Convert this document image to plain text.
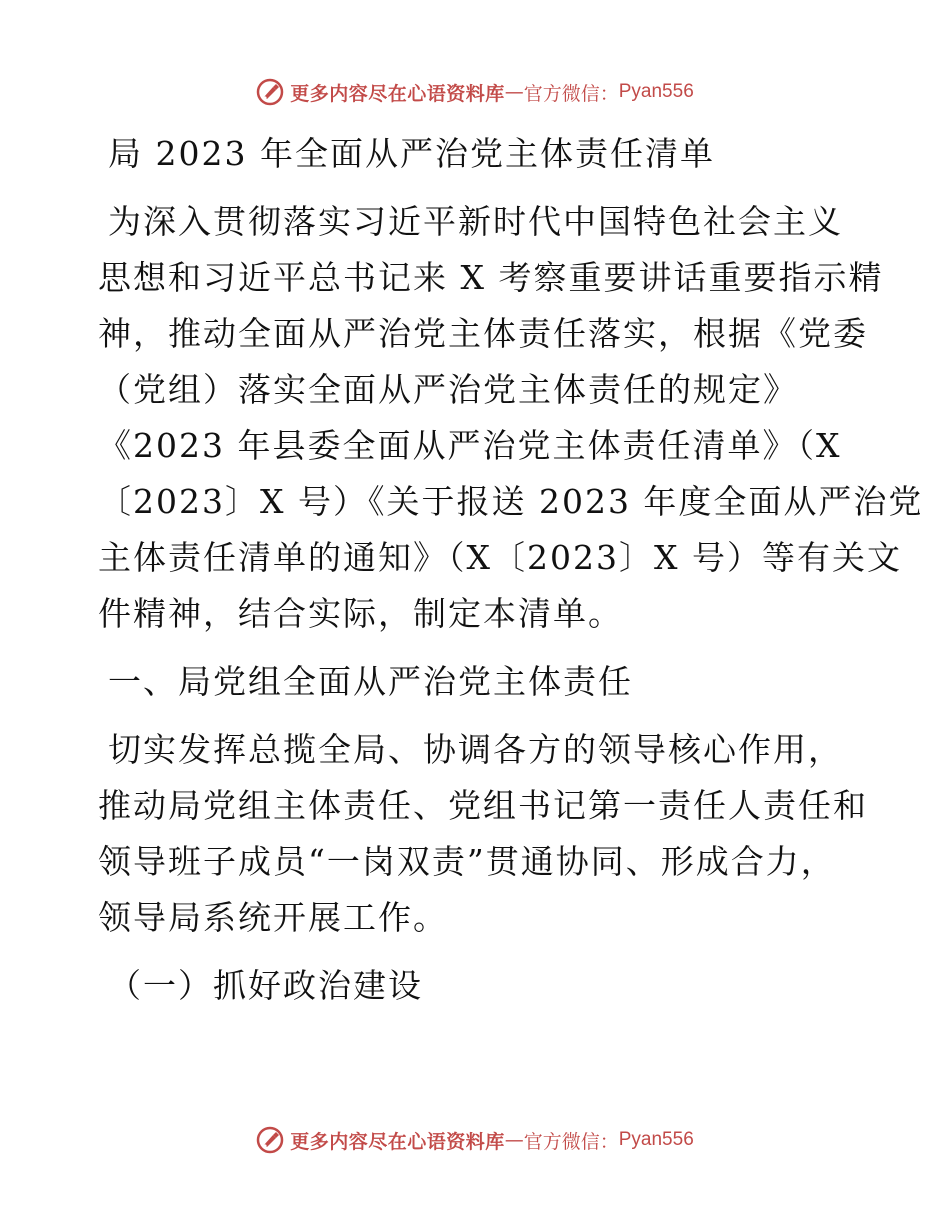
更多内容尽在心语资料库 — 官方微信： Pyan556
局 2023 年全面从严治党主体责任清单
为深入贯彻落实习近平新时代中国特色社会主义
思想和习近平总书记来 X 考察重要讲话重要指示精
神，推动全面从严治党主体责任落实，根据《党委
（党组）落实全面从严治党主体责任的规定》
《2023 年县委全面从严治党主体责任清单》（X
〔2023〕X 号）《关于报送 2023 年度全面从严治党
主体责任清单的通知》（X〔2023〕X 号）等有关文
件精神，结合实际，制定本清单。
一、局党组全面从严治党主体责任
切实发挥总揽全局、协调各方的领导核心作用，
推动局党组主体责任、党组书记第一责任人责任和
领导班子成员“一岗双责”贯通协同、形成合力，
领导局系统开展工作。
（一）抓好政治建设
更多内容尽在心语资料库 — 官方微信： Pyan556
